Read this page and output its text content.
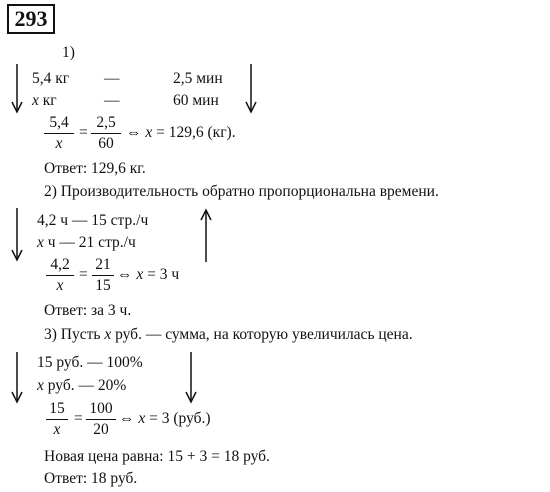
293
1)
5,4 кг —	2,5 мин
x кг	—	60 мин
5,4
x
=
2,5
60
⇔ x = 129,6 (кг).
Ответ: 129,6 кг.
2) Производительность обратно пропорциональна времени.
4,2 ч — 15 стр./ч
x ч — 21 стр./ч
4,2
x
=
21
15
⇔ x = 3 ч
Ответ: за 3 ч.
3) Пусть x руб. — сумма, на которую увеличилась цена.
15 руб. — 100%
x руб. — 20%
15
x
=
100
20
⇔ x = 3 (руб.)
Новая цена равна: 15 + 3 = 18 руб.
Ответ: 18 руб.
